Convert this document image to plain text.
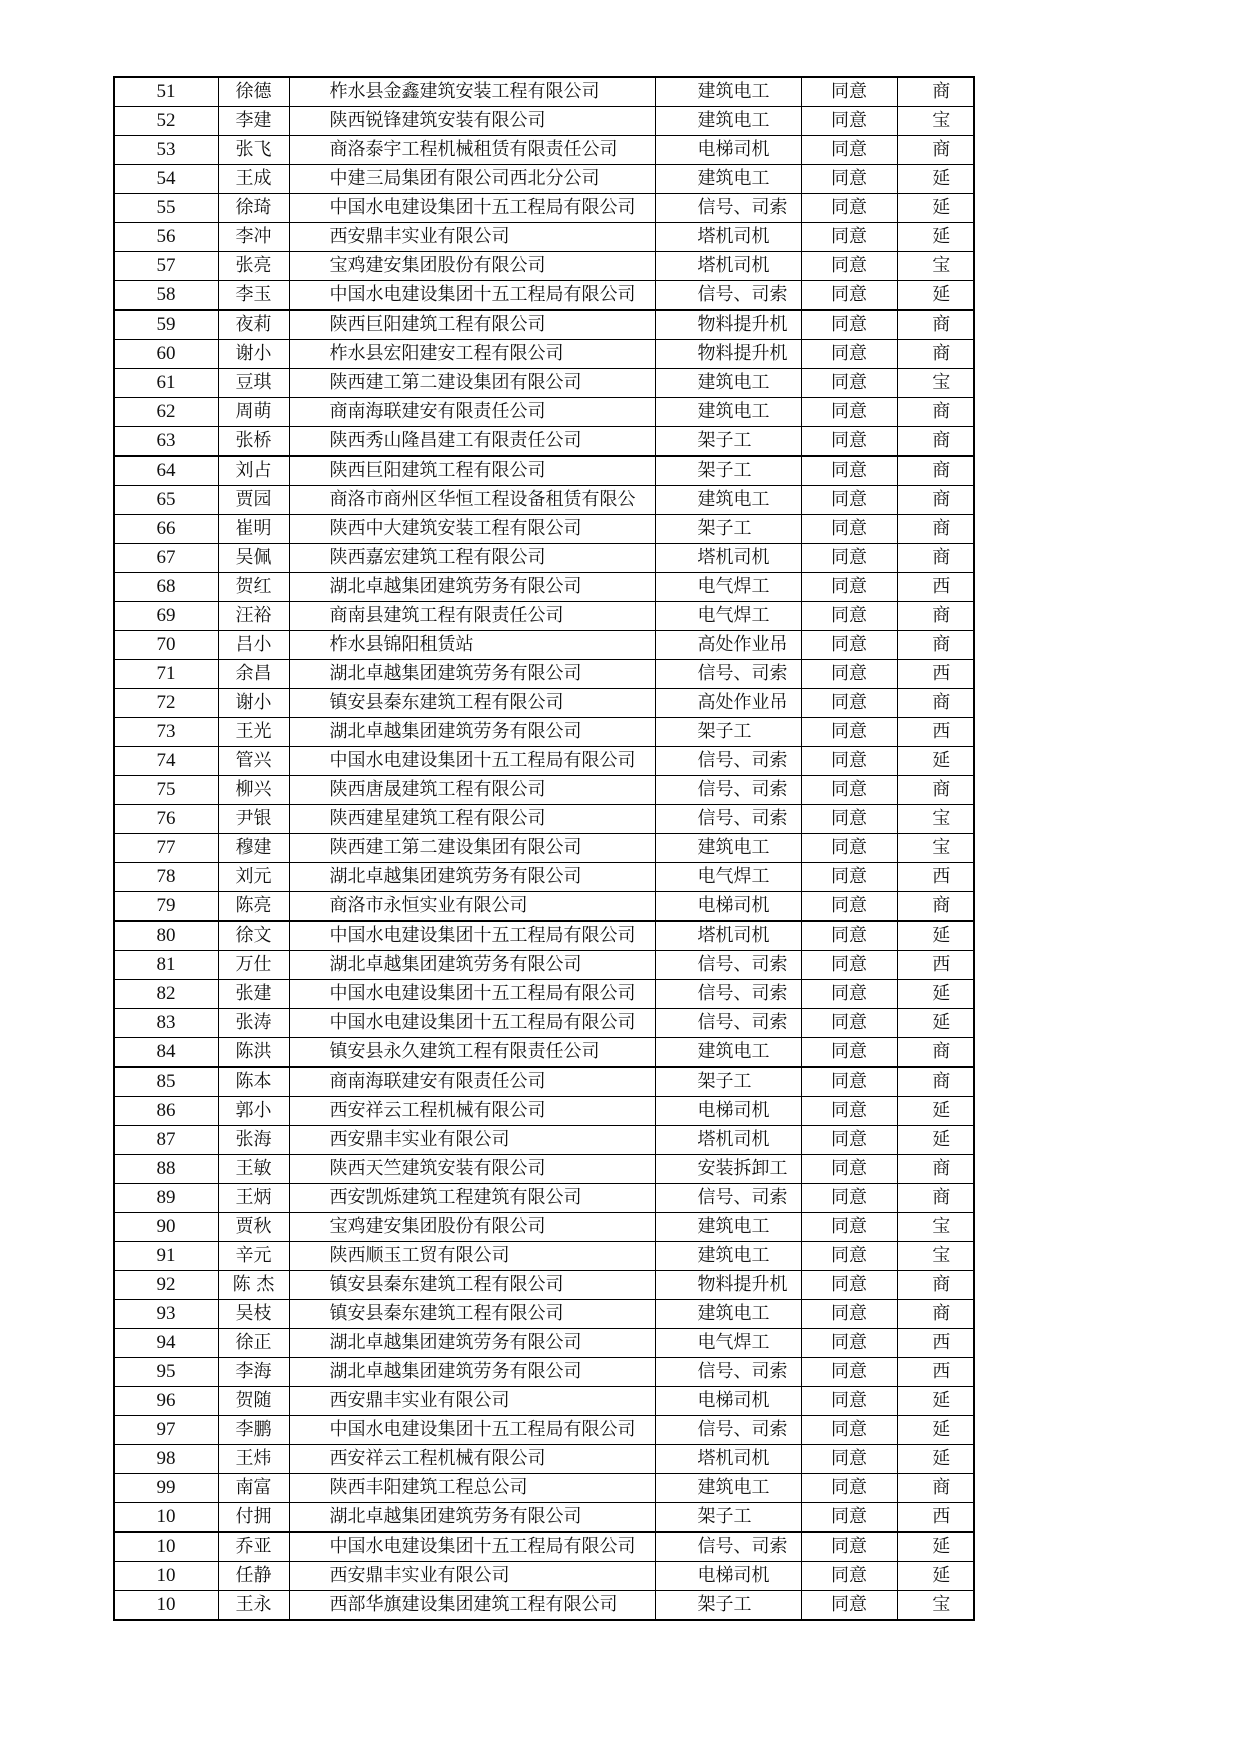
51	徐德	柞水县金鑫建筑安装工程有限公司	建筑电工	同意	商
52	李建	陕西锐锋建筑安装有限公司	建筑电工	同意	宝
53	张飞	商洛泰宇工程机械租赁有限责任公司	电梯司机	同意	商
54	王成	中建三局集团有限公司西北分公司	建筑电工	同意	延
55	徐琦	中国水电建设集团十五工程局有限公司	信号、司索	同意	延
56	李冲	西安鼎丰实业有限公司	塔机司机	同意	延
57	张亮	宝鸡建安集团股份有限公司	塔机司机	同意	宝
58	李玉	中国水电建设集团十五工程局有限公司	信号、司索	同意	延
59	夜莉	陕西巨阳建筑工程有限公司	物料提升机	同意	商
60	谢小	柞水县宏阳建安工程有限公司	物料提升机	同意	商
61	豆琪	陕西建工第二建设集团有限公司	建筑电工	同意	宝
62	周萌	商南海联建安有限责任公司	建筑电工	同意	商
63	张桥	陕西秀山隆昌建工有限责任公司	架子工	同意	商
64	刘占	陕西巨阳建筑工程有限公司	架子工	同意	商
65	贾园	商洛市商州区华恒工程设备租赁有限公	建筑电工	同意	商
66	崔明	陕西中大建筑安装工程有限公司	架子工	同意	商
67	吴佩	陕西嘉宏建筑工程有限公司	塔机司机	同意	商
68	贺红	湖北卓越集团建筑劳务有限公司	电气焊工	同意	西
69	汪裕	商南县建筑工程有限责任公司	电气焊工	同意	商
70	吕小	柞水县锦阳租赁站	高处作业吊	同意	商
71	余昌	湖北卓越集团建筑劳务有限公司	信号、司索	同意	西
72	谢小	镇安县秦东建筑工程有限公司	高处作业吊	同意	商
73	王光	湖北卓越集团建筑劳务有限公司	架子工	同意	西
74	管兴	中国水电建设集团十五工程局有限公司	信号、司索	同意	延
75	柳兴	陕西唐晟建筑工程有限公司	信号、司索	同意	商
76	尹银	陕西建星建筑工程有限公司	信号、司索	同意	宝
77	穆建	陕西建工第二建设集团有限公司	建筑电工	同意	宝
78	刘元	湖北卓越集团建筑劳务有限公司	电气焊工	同意	西
79	陈亮	商洛市永恒实业有限公司	电梯司机	同意	商
80	徐文	中国水电建设集团十五工程局有限公司	塔机司机	同意	延
81	万仕	湖北卓越集团建筑劳务有限公司	信号、司索	同意	西
82	张建	中国水电建设集团十五工程局有限公司	信号、司索	同意	延
83	张涛	中国水电建设集团十五工程局有限公司	信号、司索	同意	延
84	陈洪	镇安县永久建筑工程有限责任公司	建筑电工	同意	商
85	陈本	商南海联建安有限责任公司	架子工	同意	商
86	郭小	西安祥云工程机械有限公司	电梯司机	同意	延
87	张海	西安鼎丰实业有限公司	塔机司机	同意	延
88	王敏	陕西天竺建筑安装有限公司	安装拆卸工	同意	商
89	王炳	西安凯烁建筑工程建筑有限公司	信号、司索	同意	商
90	贾秋	宝鸡建安集团股份有限公司	建筑电工	同意	宝
91	辛元	陕西顺玉工贸有限公司	建筑电工	同意	宝
92	陈 杰	镇安县秦东建筑工程有限公司	物料提升机	同意	商
93	吴枝	镇安县秦东建筑工程有限公司	建筑电工	同意	商
94	徐正	湖北卓越集团建筑劳务有限公司	电气焊工	同意	西
95	李海	湖北卓越集团建筑劳务有限公司	信号、司索	同意	西
96	贺随	西安鼎丰实业有限公司	电梯司机	同意	延
97	李鹏	中国水电建设集团十五工程局有限公司	信号、司索	同意	延
98	王炜	西安祥云工程机械有限公司	塔机司机	同意	延
99	南富	陕西丰阳建筑工程总公司	建筑电工	同意	商
10	付拥	湖北卓越集团建筑劳务有限公司	架子工	同意	西
10	乔亚	中国水电建设集团十五工程局有限公司	信号、司索	同意	延
10	任静	西安鼎丰实业有限公司	电梯司机	同意	延
10	王永	西部华旗建设集团建筑工程有限公司	架子工	同意	宝
